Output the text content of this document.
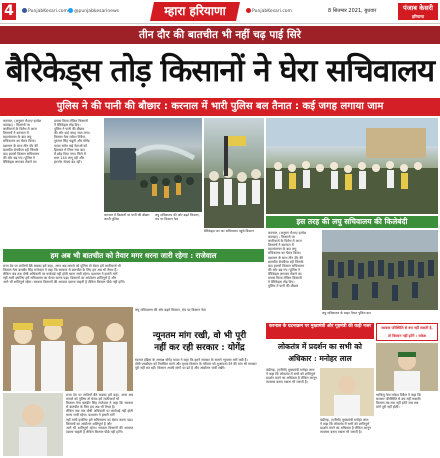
4	PunjabKesari.com	@punjabkesarinews	म्हारा हरियाणा	PunjabKesari.com	8 सितम्बर 2021, बुधवार	पंजाब केसरी
हरियाणा
तीन दौर की बातचीत भी नहीं चढ़ पाई सिरे
बैरिकेड्स तोड़ किसानों ने घेरा सचिवालय
पुलिस ने की पानी की बौछार : करनाल में भारी पुलिस बल तैनात : कई जगह लगाया जाम
करनाल, (अनुराग मैशन/ हरमेश
कालड़ा) : किसानों पर
लाठीचार्ज के विरोध में आज
किसानों ने करनाल में
महापंचायत के बाद लघु
सचिवालय का घेराव किया।
प्रशासन के साथ तीन दौर की
बातचीत बेनतीजा रही जिसके
बाद हजारों किसान सचिवालय
की ओर बढ़ गए। पुलिस ने
बैरिकेड्स लगाकर रोकने का
प्रयास किया लेकिन किसानों
ने बैरिकेड्स तोड़ दिए।
पुलिस ने पानी की बौछार
की और कई जगह जाम लगा।
किसान नेता राकेश टिकैत,
गुरनाम सिंह चढूनी और योगेंद्र
यादव समेत कई नेताओं को
हिरासत में लिया गया बाद
में छोड़ दिया गया। जिले में
धारा 144 लागू रही और
इंटरनेट सेवाएं बंद रहीं।
करनाल में किसानों पर पानी की बौछार करती पुलिस
लघु सचिवालय की ओर बढ़ते किसान, मंच पर किसान नेता
बैरिकेड्स पार कर सचिवालय पहुंचे किसान
इस तरह की लघु सचिवालय की किलेबंदी
करनाल, (अनुराग मैशन/ हरमेश
कालड़ा) : किसानों पर
लाठीचार्ज के विरोध में आज
किसानों ने करनाल में
महापंचायत के बाद लघु
सचिवालय का घेराव किया।
प्रशासन के साथ तीन दौर की
बातचीत बेनतीजा रही जिसके
बाद हजारों किसान सचिवालय
की ओर बढ़ गए। पुलिस ने
बैरिकेड्स लगाकर रोकने का
प्रयास किया लेकिन किसानों
ने बैरिकेड्स तोड़ दिए।
पुलिस ने पानी की बौछार
लघु सचिवालय के बाहर तैनात पुलिस बल
हम अब भी बातचीत को तैयार मगर धरना जारी रहेगा : राजेवाल
राजा देव पर लाठियों बैठे सबका हमें कहा, अगर अब मामले को पुलिस तो घेराव हमें लाठीचार्ज भी
किसान नेता बलबीर सिंह राजेवाल ने कहा कि सरकार से बातचीत के लिए हम अब भी तैयार हैं।
लेकिन जब तक दोषी अधिकारी पर कार्रवाई नहीं होती धरना जारी रहेगा। प्रशासन ने हमारी मांगें
नहीं मानी इसलिए हमें सचिवालय का घेराव करना पड़ा। किसानों का आंदोलन शांतिपूर्ण है और
आगे भी शांतिपूर्ण रहेगा। सरकार किसानों की आवाज दबाना चाहती है लेकिन किसान पीछे नहीं हटेंगे।
लघु सचिवालय की ओर बढ़ते किसान, मंच पर किसान नेता
न्यूनतम मांग रखी, वो भी पूरी
नहीं कर रही सरकार : योगेंद्र
स्वराज इंडिया के अध्यक्ष योगेंद्र यादव ने कहा कि हमने सरकार के सामने न्यूनतम मांगें रखीं हैं।
दोषी एसडीएम को निलंबित करने और मृतक किसान के परिवार को मुआवजा देने की मांग भी सरकार
पूरी नहीं कर रही। किसान अपनी मांगों पर डटे हैं और आंदोलन जारी रखेंगे।
राजा देव पर लाठियों बैठे सबका हमें कहा, अगर अब मामले को पुलिस तो घेराव हमें लाठीचार्ज भी
किसान नेता बलबीर सिंह राजेवाल ने कहा कि सरकार से बातचीत के लिए हम अब भी तैयार हैं।
लेकिन जब तक दोषी अधिकारी पर कार्रवाई नहीं होती धरना जारी रहेगा। प्रशासन ने हमारी मांगें
नहीं मानी इसलिए हमें सचिवालय का घेराव करना पड़ा। किसानों का आंदोलन शांतिपूर्ण है और
आगे भी शांतिपूर्ण रहेगा। सरकार किसानों की आवाज दबाना चाहती है लेकिन किसान पीछे नहीं हटेंगे।
करनाल के घटनाक्रम पर मुख्यमंत्री और गृहमंत्री की कड़ी नजर
लोकतंत्र में प्रदर्शन का सभी को
अधिकार : मनोहर लाल
चंडीगढ़, (एजैंसी) मुख्यमंत्री मनोहर लाल
ने कहा कि लोकतंत्र में सभी को शांतिपूर्ण
प्रदर्शन करने का अधिकार है लेकिन कानून
व्यवस्था बनाए रखना भी जरूरी है।
चंडीगढ़, (एजैंसी) मुख्यमंत्री मनोहर लाल
ने कहा कि लोकतंत्र में सभी को शांतिपूर्ण
प्रदर्शन करने का अधिकार है लेकिन कानून
व्यवस्था बनाए रखना भी जरूरी है।
सरकार परिस्थिति से बच नहीं सकती है,
तो किसान नहीं हटेंगे : राकेश
भाकियू नेता राकेश टिकैत ने कहा कि
सरकार परिस्थिति से बच नहीं सकती।
किसान तब तक नहीं हटेंगे जब तक
मांगें पूरी नहीं होतीं।
